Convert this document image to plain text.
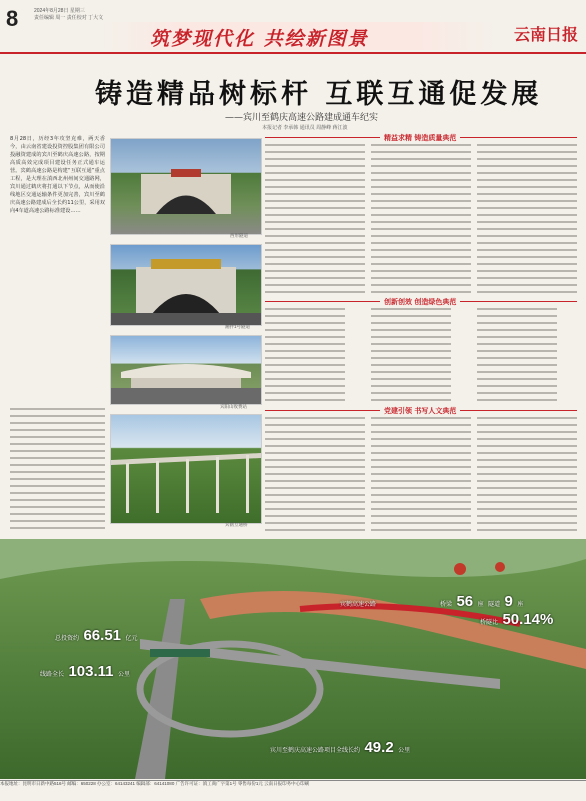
8	2024年8月28日 星期三
责任编辑 周一 责任校对 丁大文
筑梦现代化 共绘新图景	云南日报
铸造精品树标杆 互联互通促发展
——宾川至鹤庆高速公路建成通车纪实
本报记者 李承韩 通讯员 周静峰 蒋江波
8月28日，历经3年攻坚克难，两天香今，由云南省建设投资控股集团有限公司投融资建成的宾川至鹤庆高速公路，按期高质高效完成项目建设任务正式通车运营。宾鹤高速公路是构建“互联互通”重点工程，是大理在滇西北州州间交通路网，宾川通过鹤庆将打通以下节点，从而使沿线地区交通运输条件更加完善，宾川至鹤庆高速公路建成后全长约11公里，采用双向4车道高速公路标准建设……
西形隧道
湘拌1号隧道
宾阳山收费站
宾鹤互通桥
精益求精 铸造质量典范
创新创效 创造绿色典范
党建引领 书写人文典范
总投资约 66.51 亿元
线路全长 103.11 公里
桥梁 56 座 隧道 9 座
桥隧比 50.14%
宾川至鹤庆高速公路项目全线长约 49.2 公里
宾鹤高速公路
本报地址：昆明市日新中路516号 邮编：650228 办公室：64143241 编辑部：64141080 广告许可证：滇工商广字第1号 零售每份1元 云南日报印务中心印刷
